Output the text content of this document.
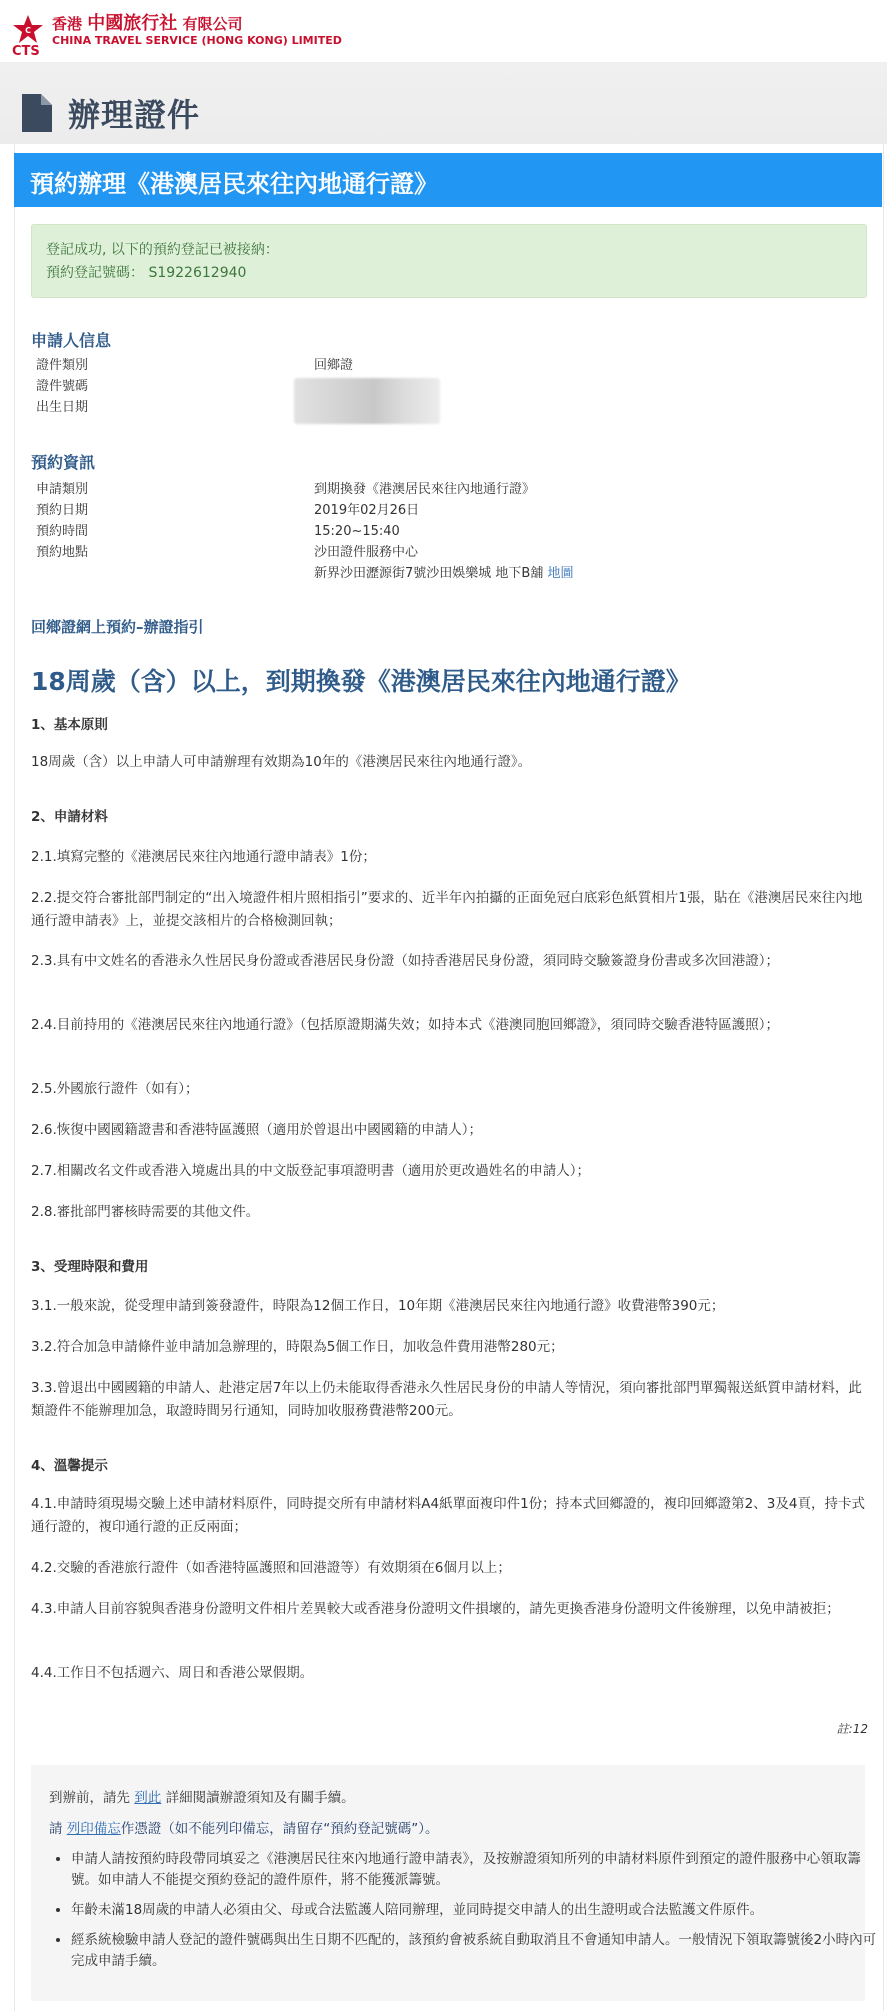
C
CTS
香港 中國旅行社 有限公司
CHINA TRAVEL SERVICE (HONG KONG) LIMITED
辦理證件
預約辦理《港澳居民來往內地通行證》
登記成功, 以下的預約登記已被接納：
預約登記號碼： S1922612940
申請人信息
證件類別	回鄉證
證件號碼
出生日期
預約資訊
申請類別	到期換發《港澳居民來往內地通行證》
預約日期	2019年02月26日
預約時間	15:20~15:40
預約地點	沙田證件服務中心
新界沙田瀝源街7號沙田娛樂城 地下B舖 地圖
回鄉證網上預約–辦證指引
18周歲（含）以上，到期換發《港澳居民來往內地通行證》
1、基本原則
18周歲（含）以上申請人可申請辦理有效期為10年的《港澳居民來往內地通行證》。
2、申請材料
2.1.填寫完整的《港澳居民來往內地通行證申請表》1份；
2.2.提交符合審批部門制定的“出入境證件相片照相指引”要求的、近半年內拍攝的正面免冠白底彩色紙質相片1張，貼在《港澳居民來往內地通行證申請表》上，並提交該相片的合格檢測回執；
2.3.具有中文姓名的香港永久性居民身份證或香港居民身份證（如持香港居民身份證，須同時交驗簽證身份書或多次回港證）；
2.4.目前持用的《港澳居民來往內地通行證》（包括原證期滿失效；如持本式《港澳同胞回鄉證》，須同時交驗香港特區護照）；
2.5.外國旅行證件（如有）；
2.6.恢復中國國籍證書和香港特區護照（適用於曾退出中國國籍的申請人）；
2.7.相關改名文件或香港入境處出具的中文版登記事項證明書（適用於更改過姓名的申請人）；
2.8.審批部門審核時需要的其他文件。
3、受理時限和費用
3.1.一般來說，從受理申請到簽發證件，時限為12個工作日，10年期《港澳居民來往內地通行證》收費港幣390元；
3.2.符合加急申請條件並申請加急辦理的，時限為5個工作日，加收急件費用港幣280元；
3.3.曾退出中國國籍的申請人、赴港定居7年以上仍未能取得香港永久性居民身份的申請人等情況，須向審批部門單獨報送紙質申請材料，此類證件不能辦理加急，取證時間另行通知，同時加收服務費港幣200元。
4、溫馨提示
4.1.申請時須現場交驗上述申請材料原件，同時提交所有申請材料A4紙單面複印件1份；持本式回鄉證的，複印回鄉證第2、3及4頁，持卡式通行證的，複印通行證的正反兩面；
4.2.交驗的香港旅行證件（如香港特區護照和回港證等）有效期須在6個月以上；
4.3.申請人目前容貌與香港身份證明文件相片差異較大或香港身份證明文件損壞的，請先更換香港身份證明文件後辦理，以免申請被拒；
4.4.工作日不包括週六、周日和香港公眾假期。
註:12
到辦前，請先 到此 詳細閱讀辦證須知及有關手續。
請 列印備忘作憑證（如不能列印備忘，請留存“預約登記號碼”）。
• 申請人請按預約時段帶同填妥之《港澳居民往來內地通行證申請表》，及按辦證須知所列的申請材料原件到預定的證件服務中心領取籌號。如申請人不能提交預約登記的證件原件，將不能獲派籌號。
• 年齡未滿18周歲的申請人必須由父、母或合法監護人陪同辦理，並同時提交申請人的出生證明或合法監護文件原件。
• 經系統檢驗申請人登記的證件號碼與出生日期不匹配的，該預約會被系統自動取消且不會通知申請人。一般情況下領取籌號後2小時內可完成申請手續。
